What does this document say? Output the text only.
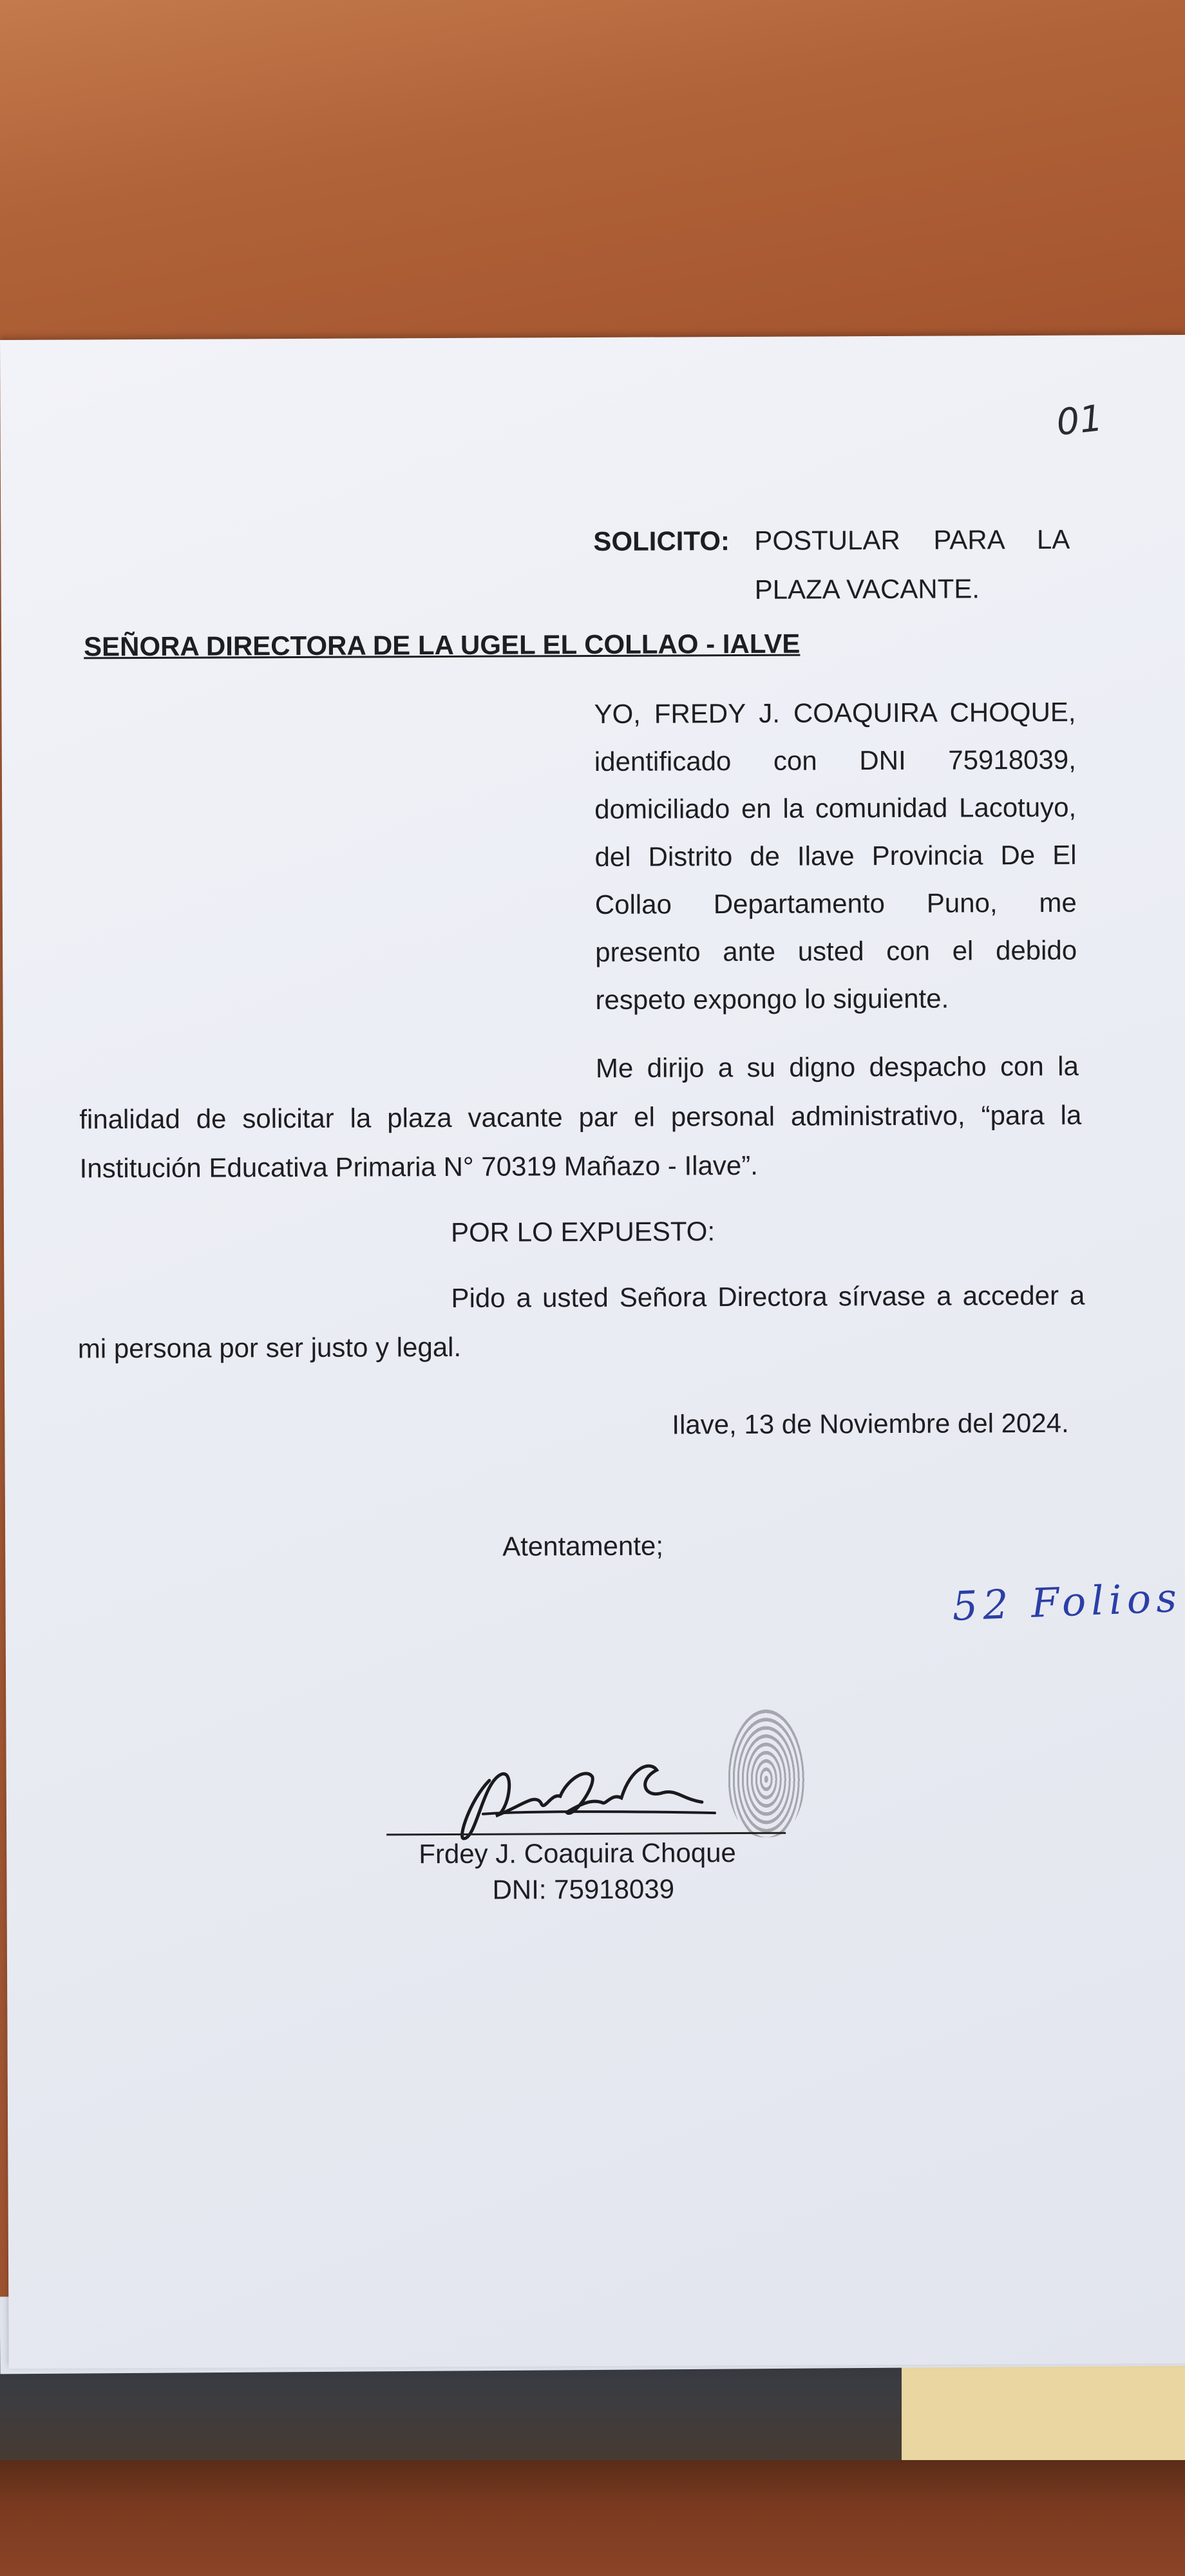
01
SOLICITO: POSTULAR PARA LA
PLAZA VACANTE.
SEÑORA DIRECTORA DE LA UGEL EL COLLAO - IALVE
YO, FREDY J. COAQUIRA CHOQUE,
identificado con DNI 75918039,
domiciliado en la comunidad Lacotuyo,
del Distrito de Ilave Provincia De El
Collao Departamento Puno, me
presento ante usted con el debido
respeto expongo lo siguiente.
Me dirijo a su digno despacho con la
finalidad de solicitar la plaza vacante par el personal administrativo, “para la
Institución Educativa Primaria N° 70319 Mañazo - Ilave”.
POR LO EXPUESTO:
Pido a usted Señora Directora sírvase a acceder a
mi persona por ser justo y legal.
Ilave, 13 de Noviembre del 2024.
Atentamente;
52 Folios
Frdey J. Coaquira Choque
DNI: 75918039
